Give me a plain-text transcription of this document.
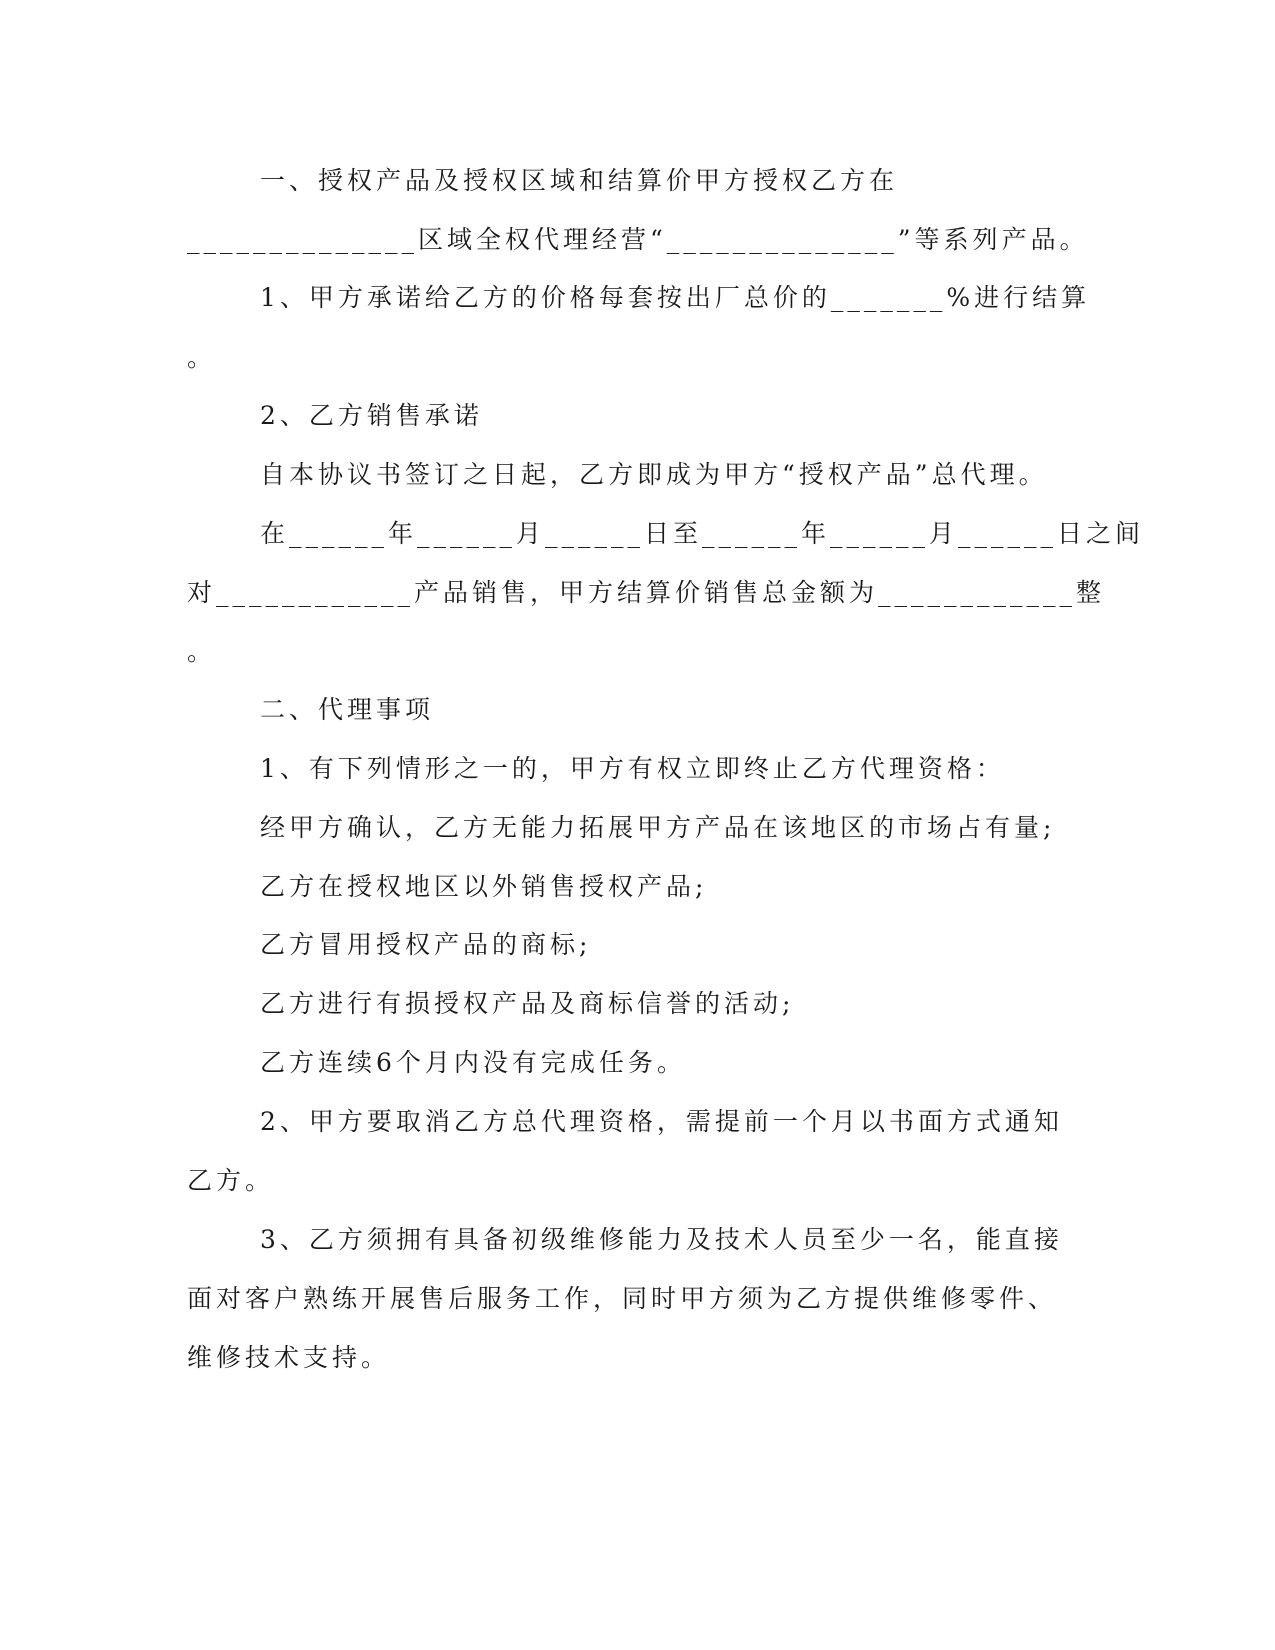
一、授权产品及授权区域和结算价甲方授权乙方在
______________区域全权代理经营“______________”等系列产品。
1、甲方承诺给乙方的价格每套按出厂总价的_______%进行结算
。
2、乙方销售承诺
自本协议书签订之日起，乙方即成为甲方“授权产品”总代理。
在______年______月______日至______年______月______日之间
对____________产品销售，甲方结算价销售总金额为____________整
。
二、代理事项
1、有下列情形之一的，甲方有权立即终止乙方代理资格：
经甲方确认，乙方无能力拓展甲方产品在该地区的市场占有量;
乙方在授权地区以外销售授权产品;
乙方冒用授权产品的商标;
乙方进行有损授权产品及商标信誉的活动;
乙方连续6个月内没有完成任务。
2、甲方要取消乙方总代理资格，需提前一个月以书面方式通知
乙方。
3、乙方须拥有具备初级维修能力及技术人员至少一名，能直接
面对客户熟练开展售后服务工作，同时甲方须为乙方提供维修零件、
维修技术支持。
